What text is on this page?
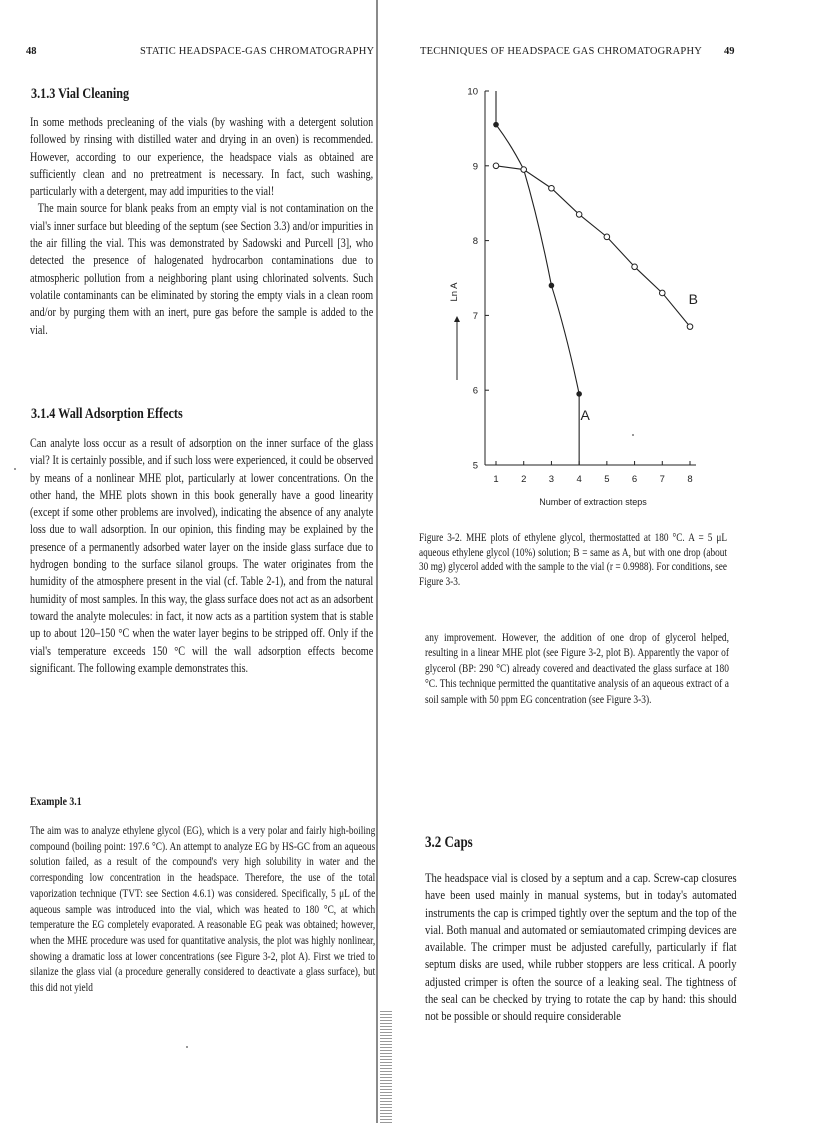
48	STATIC HEADSPACE-GAS CHROMATOGRAPHY
3.1.3 Vial Cleaning

In some methods precleaning of the vials (by washing with a detergent solution followed by rinsing with distilled water and drying in an oven) is recommended. However, according to our experience, the headspace vials as obtained are sufficiently clean and no pretreatment is necessary. In fact, such washing, particularly with a detergent, may add impurities to the vial!

The main source for blank peaks from an empty vial is not contamination on the vial's inner surface but bleeding of the septum (see Section 3.3) and/or impurities in the air filling the vial. This was demonstrated by Sadowski and Purcell [3], who detected the presence of halogenated hydrocarbon contaminations due to atmospheric pollution from a neighboring plant using chlorinated solvents. Such volatile contaminants can be eliminated by storing the empty vials in a clean room and/or by purging them with an inert, pure gas before the sample is added to the vial.

3.1.4 Wall Adsorption Effects

Can analyte loss occur as a result of adsorption on the inner surface of the glass vial? It is certainly possible, and if such loss were experienced, it could be observed by means of a nonlinear MHE plot, particularly at lower concentrations. On the other hand, the MHE plots shown in this book generally have a good linearity (except if some other problems are involved), indicating the absence of any analyte loss due to wall adsorption. In our opinion, this finding may be explained by the presence of a permanently adsorbed water layer on the inside glass surface due to hydrogen bonding to the surface silanol groups. The water originates from the humidity of the atmosphere present in the vial (cf. Table 2-1), and from the natural humidity of most samples. In this way, the glass surface does not act as an adsorbent toward the analyte molecules: in fact, it now acts as a partition system that is stable up to about 120–150 °C when the water layer begins to be stripped off. Only if the vial's temperature exceeds 150 °C will the wall adsorption effects become significant. The following example demonstrates this.

Example 3.1

The aim was to analyze ethylene glycol (EG), which is a very polar and fairly high-boiling compound (boiling point: 197.6 °C). An attempt to analyze EG by HS-GC from an aqueous solution failed, as a result of the compound's very high solubility in water and the corresponding low concentration in the headspace. Therefore, the use of the total vaporization technique (TVT: see Section 4.6.1) was considered. Specifically, 5 μL of the aqueous sample was introduced into the vial, which was heated to 180 °C, at which temperature the EG completely evaporated. A reasonable EG peak was obtained; however, when the MHE procedure was used for quantitative analysis, the plot was highly nonlinear, showing a dramatic loss at lower concentrations (see Figure 3-2, plot A). First we tried to silanize the glass vial (a procedure generally considered to deactivate a glass surface), but this did not yield

TECHNIQUES OF HEADSPACE GAS CHROMATOGRAPHY 49
1 2 3 4 5 6 7 8
5
6
7
8
9
10
Ln A
Number of extraction steps
A
B

Figure 3-2. MHE plots of ethylene glycol, thermostatted at 180 °C. A = 5 μL aqueous ethylene glycol (10%) solution; B = same as A, but with one drop (about 30 mg) glycerol added with the sample to the vial (r = 0.9988). For conditions, see Figure 3-3.

any improvement. However, the addition of one drop of glycerol helped, resulting in a linear MHE plot (see Figure 3-2, plot B). Apparently the vapor of glycerol (BP: 290 °C) already covered and deactivated the glass surface at 180 °C. This technique permitted the quantitative analysis of an aqueous extract of a soil sample with 50 ppm EG concentration (see Figure 3-3).

3.2 Caps

The headspace vial is closed by a septum and a cap. Screw-cap closures have been used mainly in manual systems, but in today's automated instruments the cap is crimped tightly over the septum and the top of the vial. Both manual and automated or semiautomated crimping devices are available. The crimper must be adjusted carefully, particularly if flat septum disks are used, while rubber stoppers are less critical. A poorly adjusted crimper is often the source of a leaking seal. The tightness of the seal can be checked by trying to rotate the cap by hand: this should not be possible or should require considerable
